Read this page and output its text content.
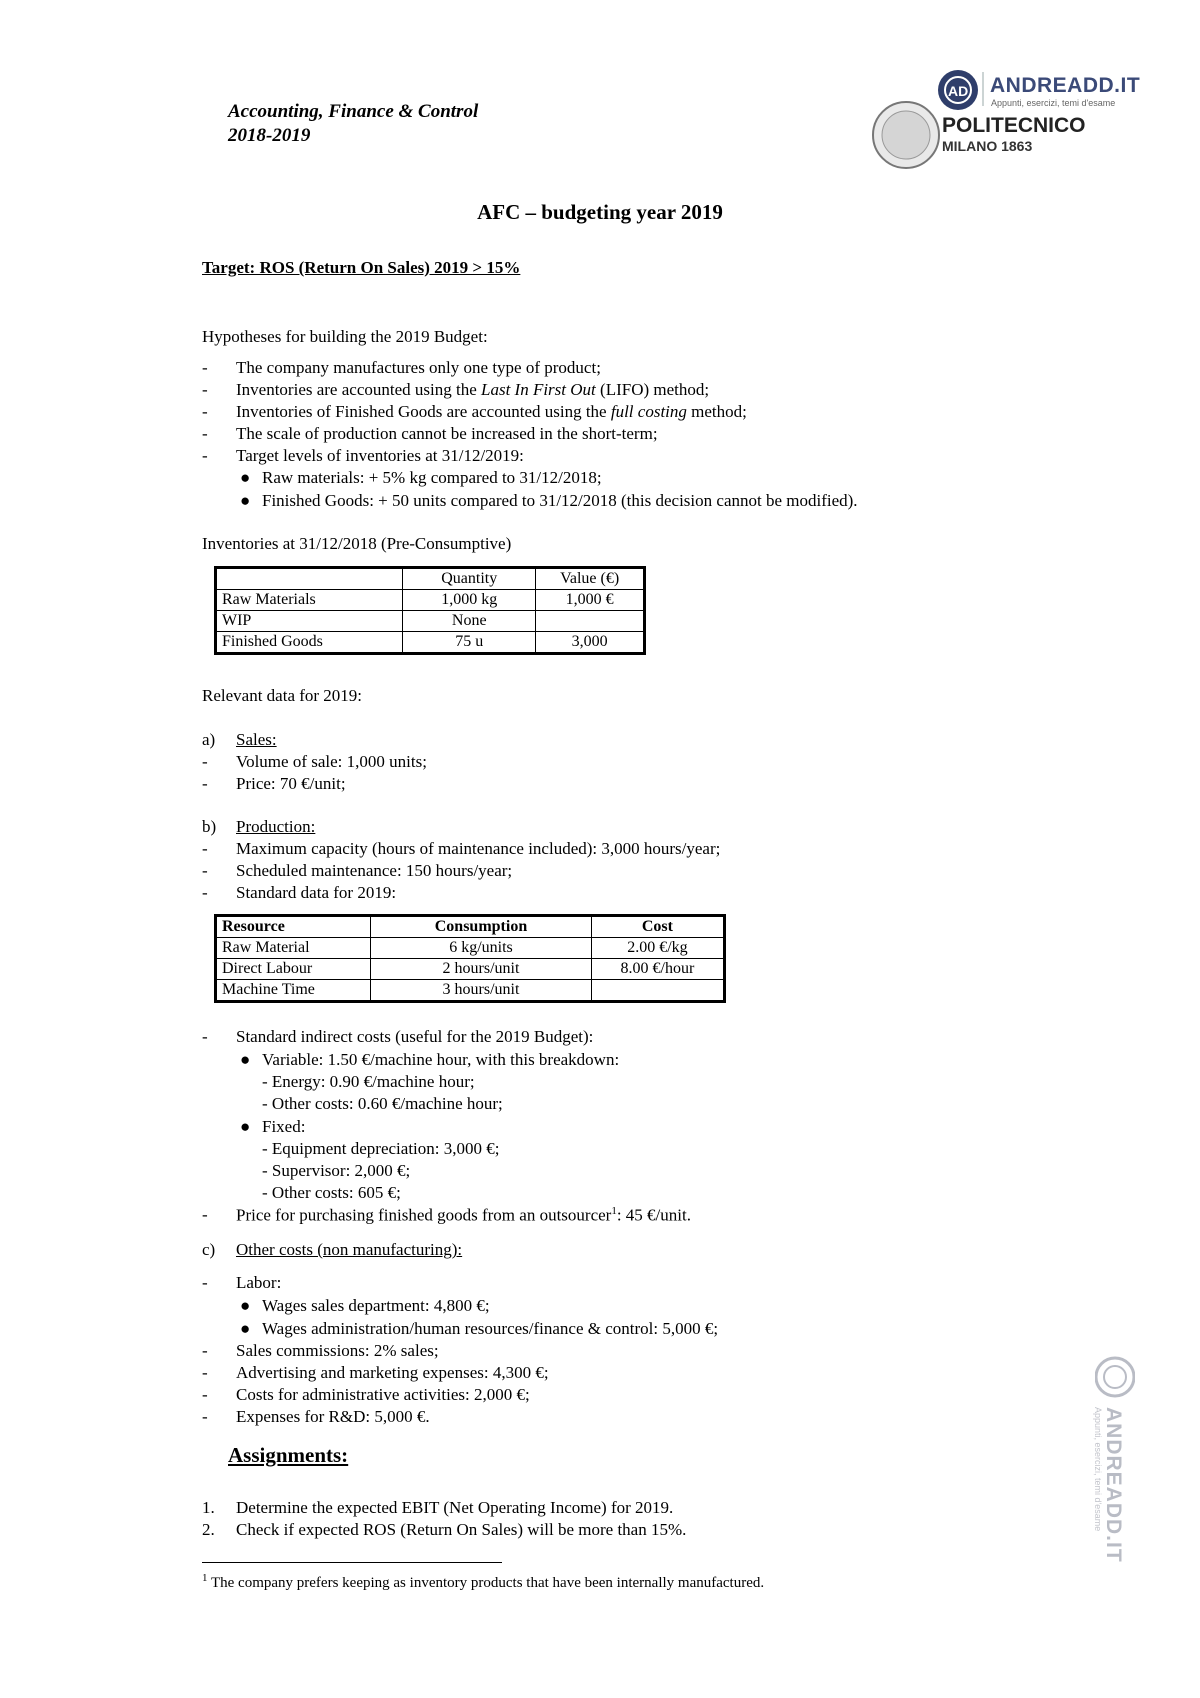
Accounting, Finance & Control
2018-2019
AD ANDREADD.IT
Appunti, esercizi, temi d'esame
POLITECNICO
MILANO 1863
ANDREADD.IT
Appunti, esercizi, temi d'esame
AFC – budgeting year 2019
Target: ROS (Return On Sales) 2019 > 15%
Hypotheses for building the 2019 Budget:
- The company manufactures only one type of product;
- Inventories are accounted using the Last In First Out (LIFO) method;
- Inventories of Finished Goods are accounted using the full costing method;
- The scale of production cannot be increased in the short-term;
- Target levels of inventories at 31/12/2019:
● Raw materials: + 5% kg compared to 31/12/2018;
● Finished Goods: + 50 units compared to 31/12/2018 (this decision cannot be modified).
Inventories at 31/12/2018 (Pre-Consumptive)
	Quantity	Value (€)
Raw Materials	1,000 kg	1,000 €
WIP	None	
Finished Goods	75 u	3,000
Relevant data for 2019:
a) Sales:
- Volume of sale: 1,000 units;
- Price: 70 €/unit;
b) Production:
- Maximum capacity (hours of maintenance included): 3,000 hours/year;
- Scheduled maintenance: 150 hours/year;
- Standard data for 2019:
Resource	Consumption	Cost
Raw Material	6 kg/units	2.00 €/kg
Direct Labour	2 hours/unit	8.00 €/hour
Machine Time	3 hours/unit	
- Standard indirect costs (useful for the 2019 Budget):
● Variable: 1.50 €/machine hour, with this breakdown:
- Energy: 0.90 €/machine hour;
- Other costs: 0.60 €/machine hour;
● Fixed:
- Equipment depreciation: 3,000 €;
- Supervisor: 2,000 €;
- Other costs: 605 €;
- Price for purchasing finished goods from an outsourcer$^1$: 45 €/unit.
c) Other costs (non manufacturing):
- Labor:
● Wages sales department: 4,800 €;
● Wages administration/human resources/finance & control: 5,000 €;
- Sales commissions: 2% sales;
- Advertising and marketing expenses: 4,300 €;
- Costs for administrative activities: 2,000 €;
- Expenses for R&D: 5,000 €.
Assignments:
1. Determine the expected EBIT (Net Operating Income) for 2019.
2. Check if expected ROS (Return On Sales) will be more than 15%.
$^1$ The company prefers keeping as inventory products that have been internally manufactured.
